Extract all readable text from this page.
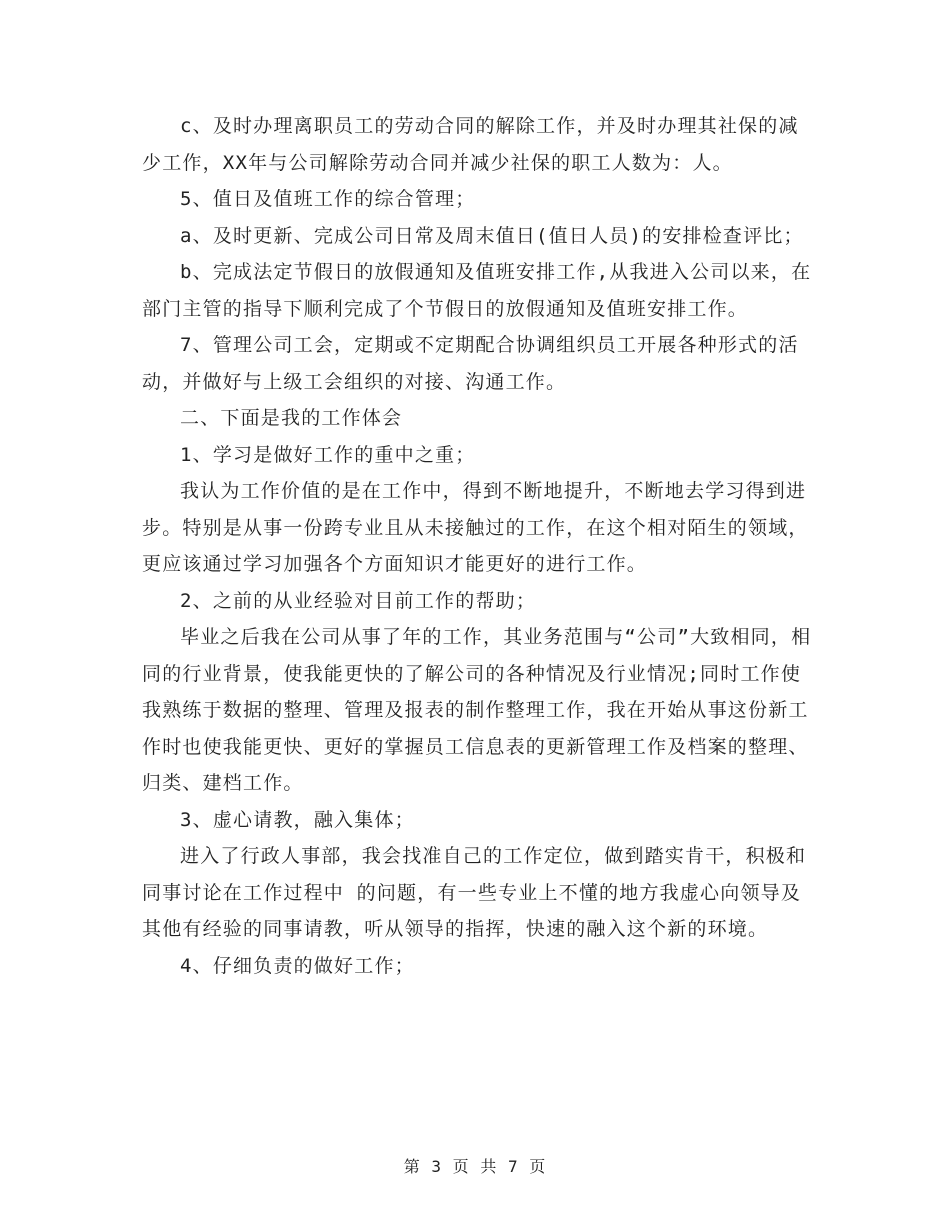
c、及时办理离职员工的劳动合同的解除工作，并及时办理其社保的减少工作，XX年与公司解除劳动合同并减少社保的职工人数为：人。

5、值日及值班工作的综合管理；

a、及时更新、完成公司日常及周末值日(值日人员)的安排检查评比；

b、完成法定节假日的放假通知及值班安排工作,从我进入公司以来，在部门主管的指导下顺利完成了个节假日的放假通知及值班安排工作。

7、管理公司工会，定期或不定期配合协调组织员工开展各种形式的活动，并做好与上级工会组织的对接、沟通工作。

二、下面是我的工作体会

1、学习是做好工作的重中之重；

我认为工作价值的是在工作中，得到不断地提升，不断地去学习得到进步。特别是从事一份跨专业且从未接触过的工作，在这个相对陌生的领域，更应该通过学习加强各个方面知识才能更好的进行工作。

2、之前的从业经验对目前工作的帮助；

毕业之后我在公司从事了年的工作，其业务范围与“公司”大致相同，相同的行业背景，使我能更快的了解公司的各种情况及行业情况;同时工作使我熟练于数据的整理、管理及报表的制作整理工作，我在开始从事这份新工作时也使我能更快、更好的掌握员工信息表的更新管理工作及档案的整理、归类、建档工作。

3、虚心请教，融入集体；

进入了行政人事部，我会找准自己的工作定位，做到踏实肯干，积极和同事讨论在工作过程中 的问题，有一些专业上不懂的地方我虚心向领导及其他有经验的同事请教，听从领导的指挥，快速的融入这个新的环境。

4、仔细负责的做好工作；

第 3 页 共 7 页
